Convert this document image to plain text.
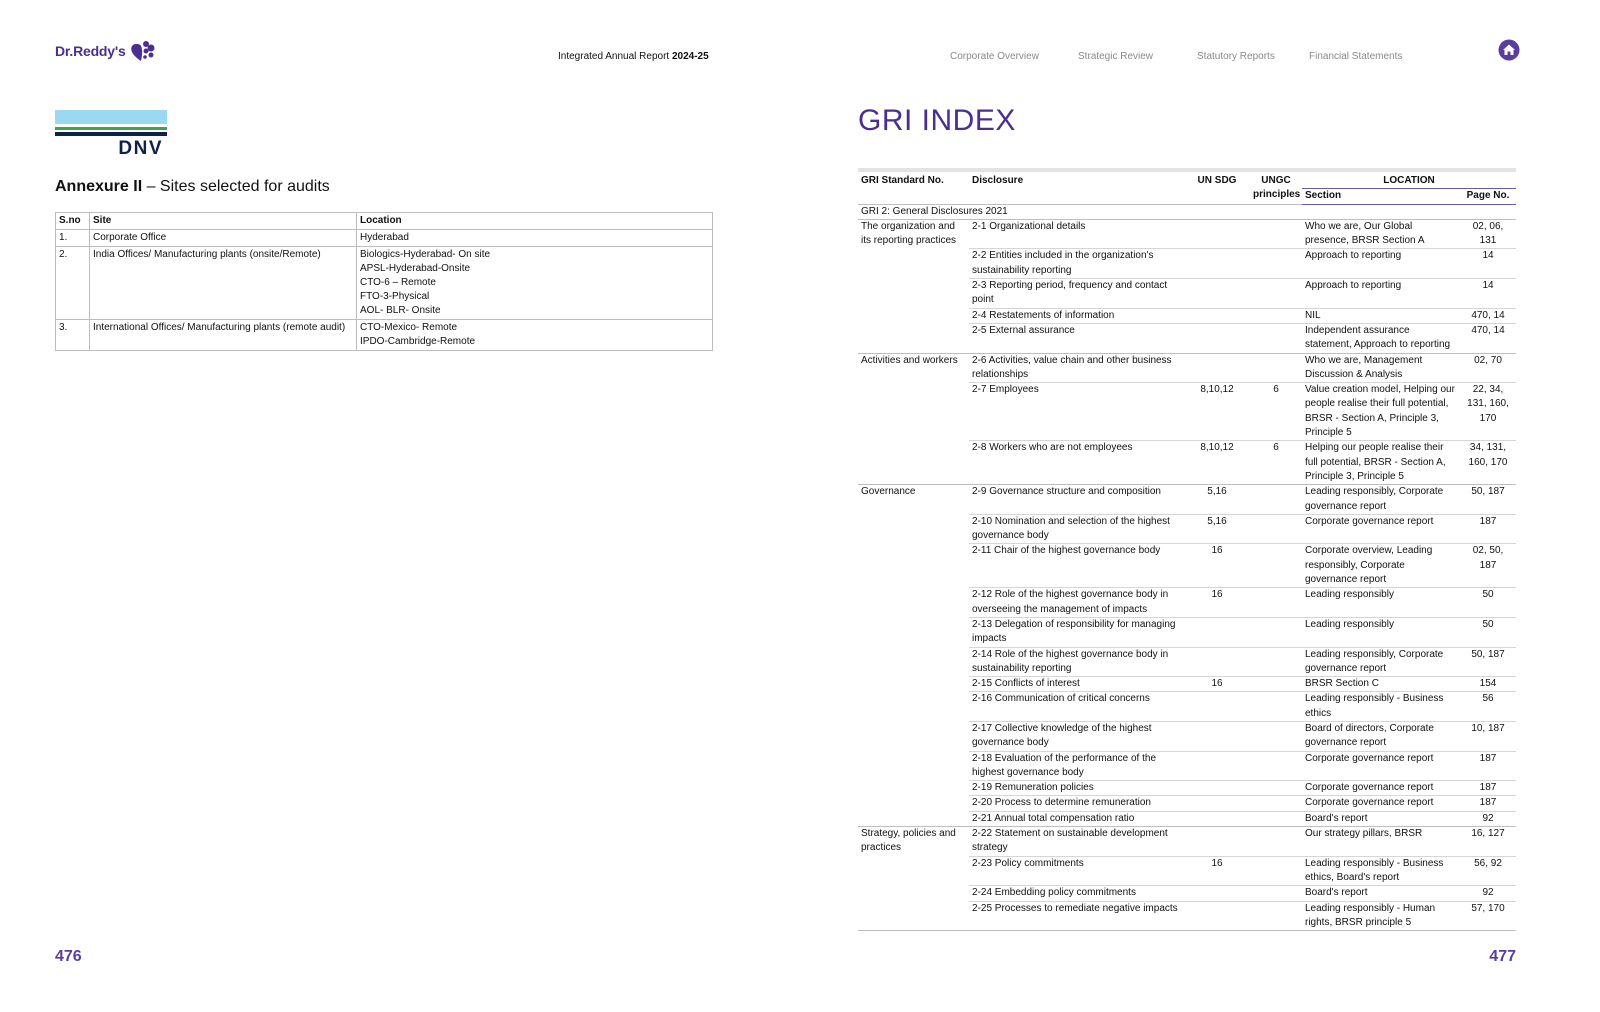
Dr.Reddy's	Integrated Annual Report 2024-25	Corporate Overview	Strategic Review	Statutory Reports	Financial Statements
DNV
Annexure II – Sites selected for audits
S.no	Site	Location
1.	Corporate Office	Hyderabad

2.	India Offices/ Manufacturing plants (onsite/Remote)	Biologics-Hyderabad- On site
APSL-Hyderabad-Onsite
CTO-6 – Remote
FTO-3-Physical
AOL- BLR- Onsite

3.	International Offices/ Manufacturing plants (remote audit)	CTO-Mexico- Remote
IPDO-Cambridge-Remote
476
GRI INDEX
GRI Standard No.	Disclosure	UN SDG	UNGC principles	LOCATION	
				Section	Page No.
GRI 2: General Disclosures 2021					
The organization and its reporting practices	2-1 Organizational details			Who we are, Our Global presence, BRSR Section A	02, 06, 131
	2-2 Entities included in the organization's sustainability reporting			Approach to reporting	14
	2-3 Reporting period, frequency and contact point			Approach to reporting	14
	2-4 Restatements of information			NIL	470, 14
	2-5 External assurance			Independent assurance statement, Approach to reporting	470, 14
Activities and workers	2-6 Activities, value chain and other business relationships			Who we are, Management Discussion & Analysis	02, 70
	2-7 Employees	8,10,12	6	Value creation model, Helping our people realise their full potential, BRSR - Section A, Principle 3, Principle 5	22, 34, 131, 160, 170
	2-8 Workers who are not employees	8,10,12	6	Helping our people realise their full potential, BRSR - Section A, Principle 3, Principle 5	34, 131, 160, 170
Governance	2-9 Governance structure and composition	5,16		Leading responsibly, Corporate governance report	50, 187
	2-10 Nomination and selection of the highest governance body	5,16		Corporate governance report	187
	2-11 Chair of the highest governance body	16		Corporate overview, Leading responsibly, Corporate governance report	02, 50, 187
	2-12 Role of the highest governance body in overseeing the management of impacts	16		Leading responsibly	50
	2-13 Delegation of responsibility for managing impacts			Leading responsibly	50
	2-14 Role of the highest governance body in sustainability reporting			Leading responsibly, Corporate governance report	50, 187
	2-15 Conflicts of interest	16		BRSR Section C	154
	2-16 Communication of critical concerns			Leading responsibly - Business ethics	56
	2-17 Collective knowledge of the highest governance body			Board of directors, Corporate governance report	10, 187
	2-18 Evaluation of the performance of the highest governance body			Corporate governance report	187
	2-19 Remuneration policies			Corporate governance report	187
	2-20 Process to determine remuneration			Corporate governance report	187
	2-21 Annual total compensation ratio			Board's report	92
Strategy, policies and practices	2-22 Statement on sustainable development strategy			Our strategy pillars, BRSR	16, 127
	2-23 Policy commitments	16		Leading responsibly - Business ethics, Board's report	56, 92
	2-24 Embedding policy commitments			Board's report	92
	2-25 Processes to remediate negative impacts			Leading responsibly - Human rights, BRSR principle 5	57, 170
477
